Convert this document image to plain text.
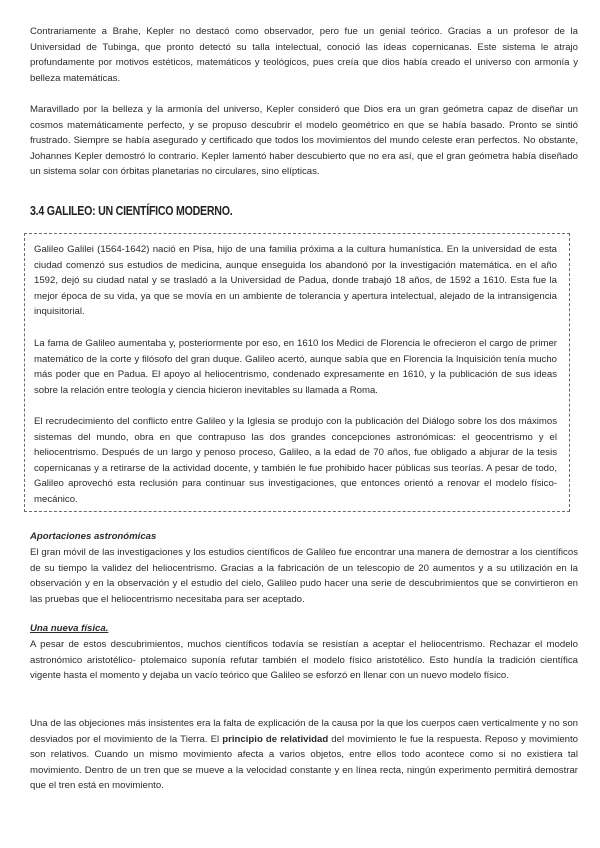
Contrariamente a Brahe, Kepler no destacó como observador, pero fue un genial teórico. Gracias a un profesor de la Universidad de Tubinga, que pronto detectó su talla intelectual, conoció las ideas copernicanas. Este sistema le atrajo profundamente por motivos estéticos, matemáticos y teológicos, pues creía que dios había creado el universo con armonía y belleza matemáticas.

Maravillado por la belleza y la armonía del universo, Kepler consideró que Dios era un gran geómetra capaz de diseñar un cosmos matemáticamente perfecto, y se propuso descubrir el modelo geométrico en que se había basado. Pronto se sintió frustrado. Siempre se había asegurado y certificado que todos los movimientos del mundo celeste eran perfectos. No obstante, Johannes Kepler demostró lo contrario. Kepler lamentó haber descubierto que no era así, que el gran geómetra había diseñado un sistema solar con órbitas planetarias no circulares, sino elípticas.

3.4 GALILEO: UN CIENTÍFICO MODERNO.

Galileo Galilei (1564-1642) nació en Pisa, hijo de una familia próxima a la cultura humanística. En la universidad de esta ciudad comenzó sus estudios de medicina, aunque enseguida los abandonó por la investigación matemática. en el año 1592, dejó su ciudad natal y se trasladó a la Universidad de Padua, donde trabajó 18 años, de 1592 a 1610. Esta fue la mejor época de su vida, ya que se movía en un ambiente de tolerancia y apertura intelectual, alejado de la intransigencia inquisitorial.

La fama de Galileo aumentaba y, posteriormente por eso, en 1610 los Medici de Florencia le ofrecieron el cargo de primer matemático de la corte y filósofo del gran duque. Galileo acertó, aunque sabía que en Florencia la Inquisición tenía mucho más poder que en Padua. El apoyo al heliocentrismo, condenado expresamente en 1610, y la publicación de sus ideas sobre la relación entre teología y ciencia hicieron inevitables su llamada a Roma.

El recrudecimiento del conflicto entre Galileo y la Iglesia se produjo con la publicación del Diálogo sobre los dos máximos sistemas del mundo, obra en que contrapuso las dos grandes concepciones astronómicas: el geocentrismo y el heliocentrismo. Después de un largo y penoso proceso, Galileo, a la edad de 70 años, fue obligado a abjurar de la tesis copernicanas y a retirarse de la actividad docente, y también le fue prohibido hacer públicas sus teorías. A pesar de todo, Galileo aprovechó esta reclusión para continuar sus investigaciones, que entonces orientó a renovar el modelo físico-mecánico.

Aportaciones astronómicas

El gran móvil de las investigaciones y los estudios científicos de Galileo fue encontrar una manera de demostrar a los científicos de su tiempo la validez del heliocentrismo. Gracias a la fabricación de un telescopio de 20 aumentos y a su utilización en la observación y en la observación y el estudio del cielo, Galileo pudo hacer una serie de descubrimientos que se convirtieron en las pruebas que el heliocentrismo necesitaba para ser aceptado.

Una nueva física.

A pesar de estos descubrimientos, muchos científicos todavía se resistían a aceptar el heliocentrismo. Rechazar el modelo astronómico aristotélico- ptolemaico suponía refutar también el modelo físico aristotélico. Esto hundía la tradición científica vigente hasta el momento y dejaba un vacío teórico que Galileo se esforzó en llenar con un nuevo modelo físico.

Una de las objeciones más insistentes era la falta de explicación de la causa por la que los cuerpos caen verticalmente y no son desviados por el movimiento de la Tierra. El principio de relatividad del movimiento le fue la respuesta. Reposo y movimiento son relativos. Cuando un mismo movimiento afecta a varios objetos, entre ellos todo acontece como si no existiera tal movimiento. Dentro de un tren que se mueve a la velocidad constante y en línea recta, ningún experimento permitirá demostrar que el tren está en movimiento.
